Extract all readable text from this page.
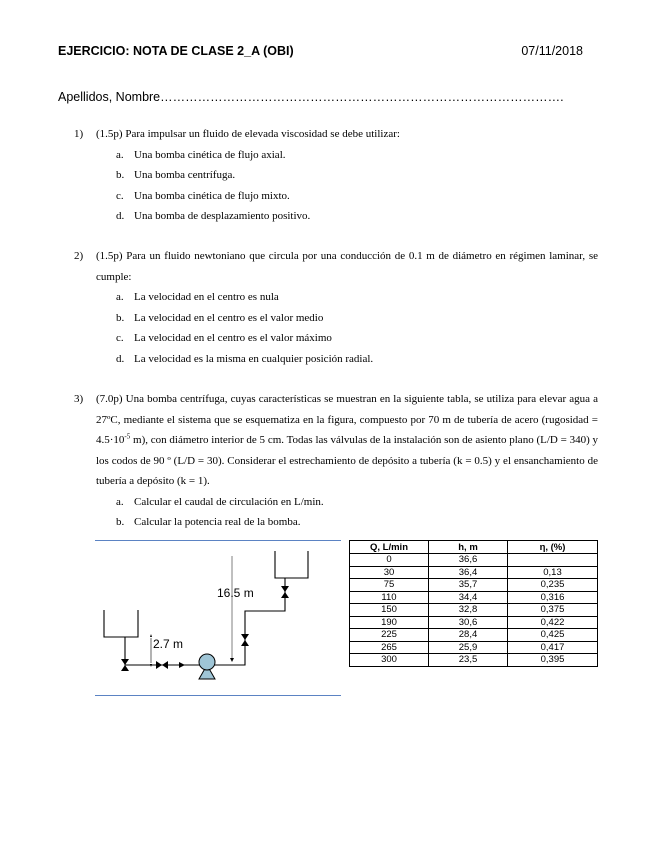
EJERCICIO: NOTA DE CLASE 2_A (OBI)	07/11/2018
Apellidos, Nombre…………………………………………………………………………………….
1) (1.5p) Para impulsar un fluido de elevada viscosidad se debe utilizar:
a. Una bomba cinética de flujo axial.
b. Una bomba centrífuga.
c. Una bomba cinética de flujo mixto.
d. Una bomba de desplazamiento positivo.
2) (1.5p) Para un fluido newtoniano que circula por una conducción de 0.1 m de diámetro en régimen laminar, se cumple:
a. La velocidad en el centro es nula
b. La velocidad en el centro es el valor medio
c. La velocidad en el centro es el valor máximo
d. La velocidad es la misma en cualquier posición radial.
3) (7.0p) Una bomba centrífuga, cuyas características se muestran en la siguiente tabla, se utiliza para elevar agua a 27ºC, mediante el sistema que se esquematiza en la figura, compuesto por 70 m de tubería de acero (rugosidad = $4.5\cdot 10^{-5}$ m), con diámetro interior de 5 cm. Todas las válvulas de la instalación son de asiento plano (L/D = 340) y los codos de 90 º (L/D = 30). Considerar el estrechamiento de depósito a tubería (k = 0.5) y el ensanchamiento de tubería a depósito (k = 1).
a. Calcular el caudal de circulación en L/min.
b. Calcular la potencia real de la bomba.
16.5 m
2.7 m
Q, L/min	h, m	η, (%)
0	36,6	
30	36,4	0,13
75	35,7	0,235
110	34,4	0,316
150	32,8	0,375
190	30,6	0,422
225	28,4	0,425
265	25,9	0,417
300	23,5	0,395
